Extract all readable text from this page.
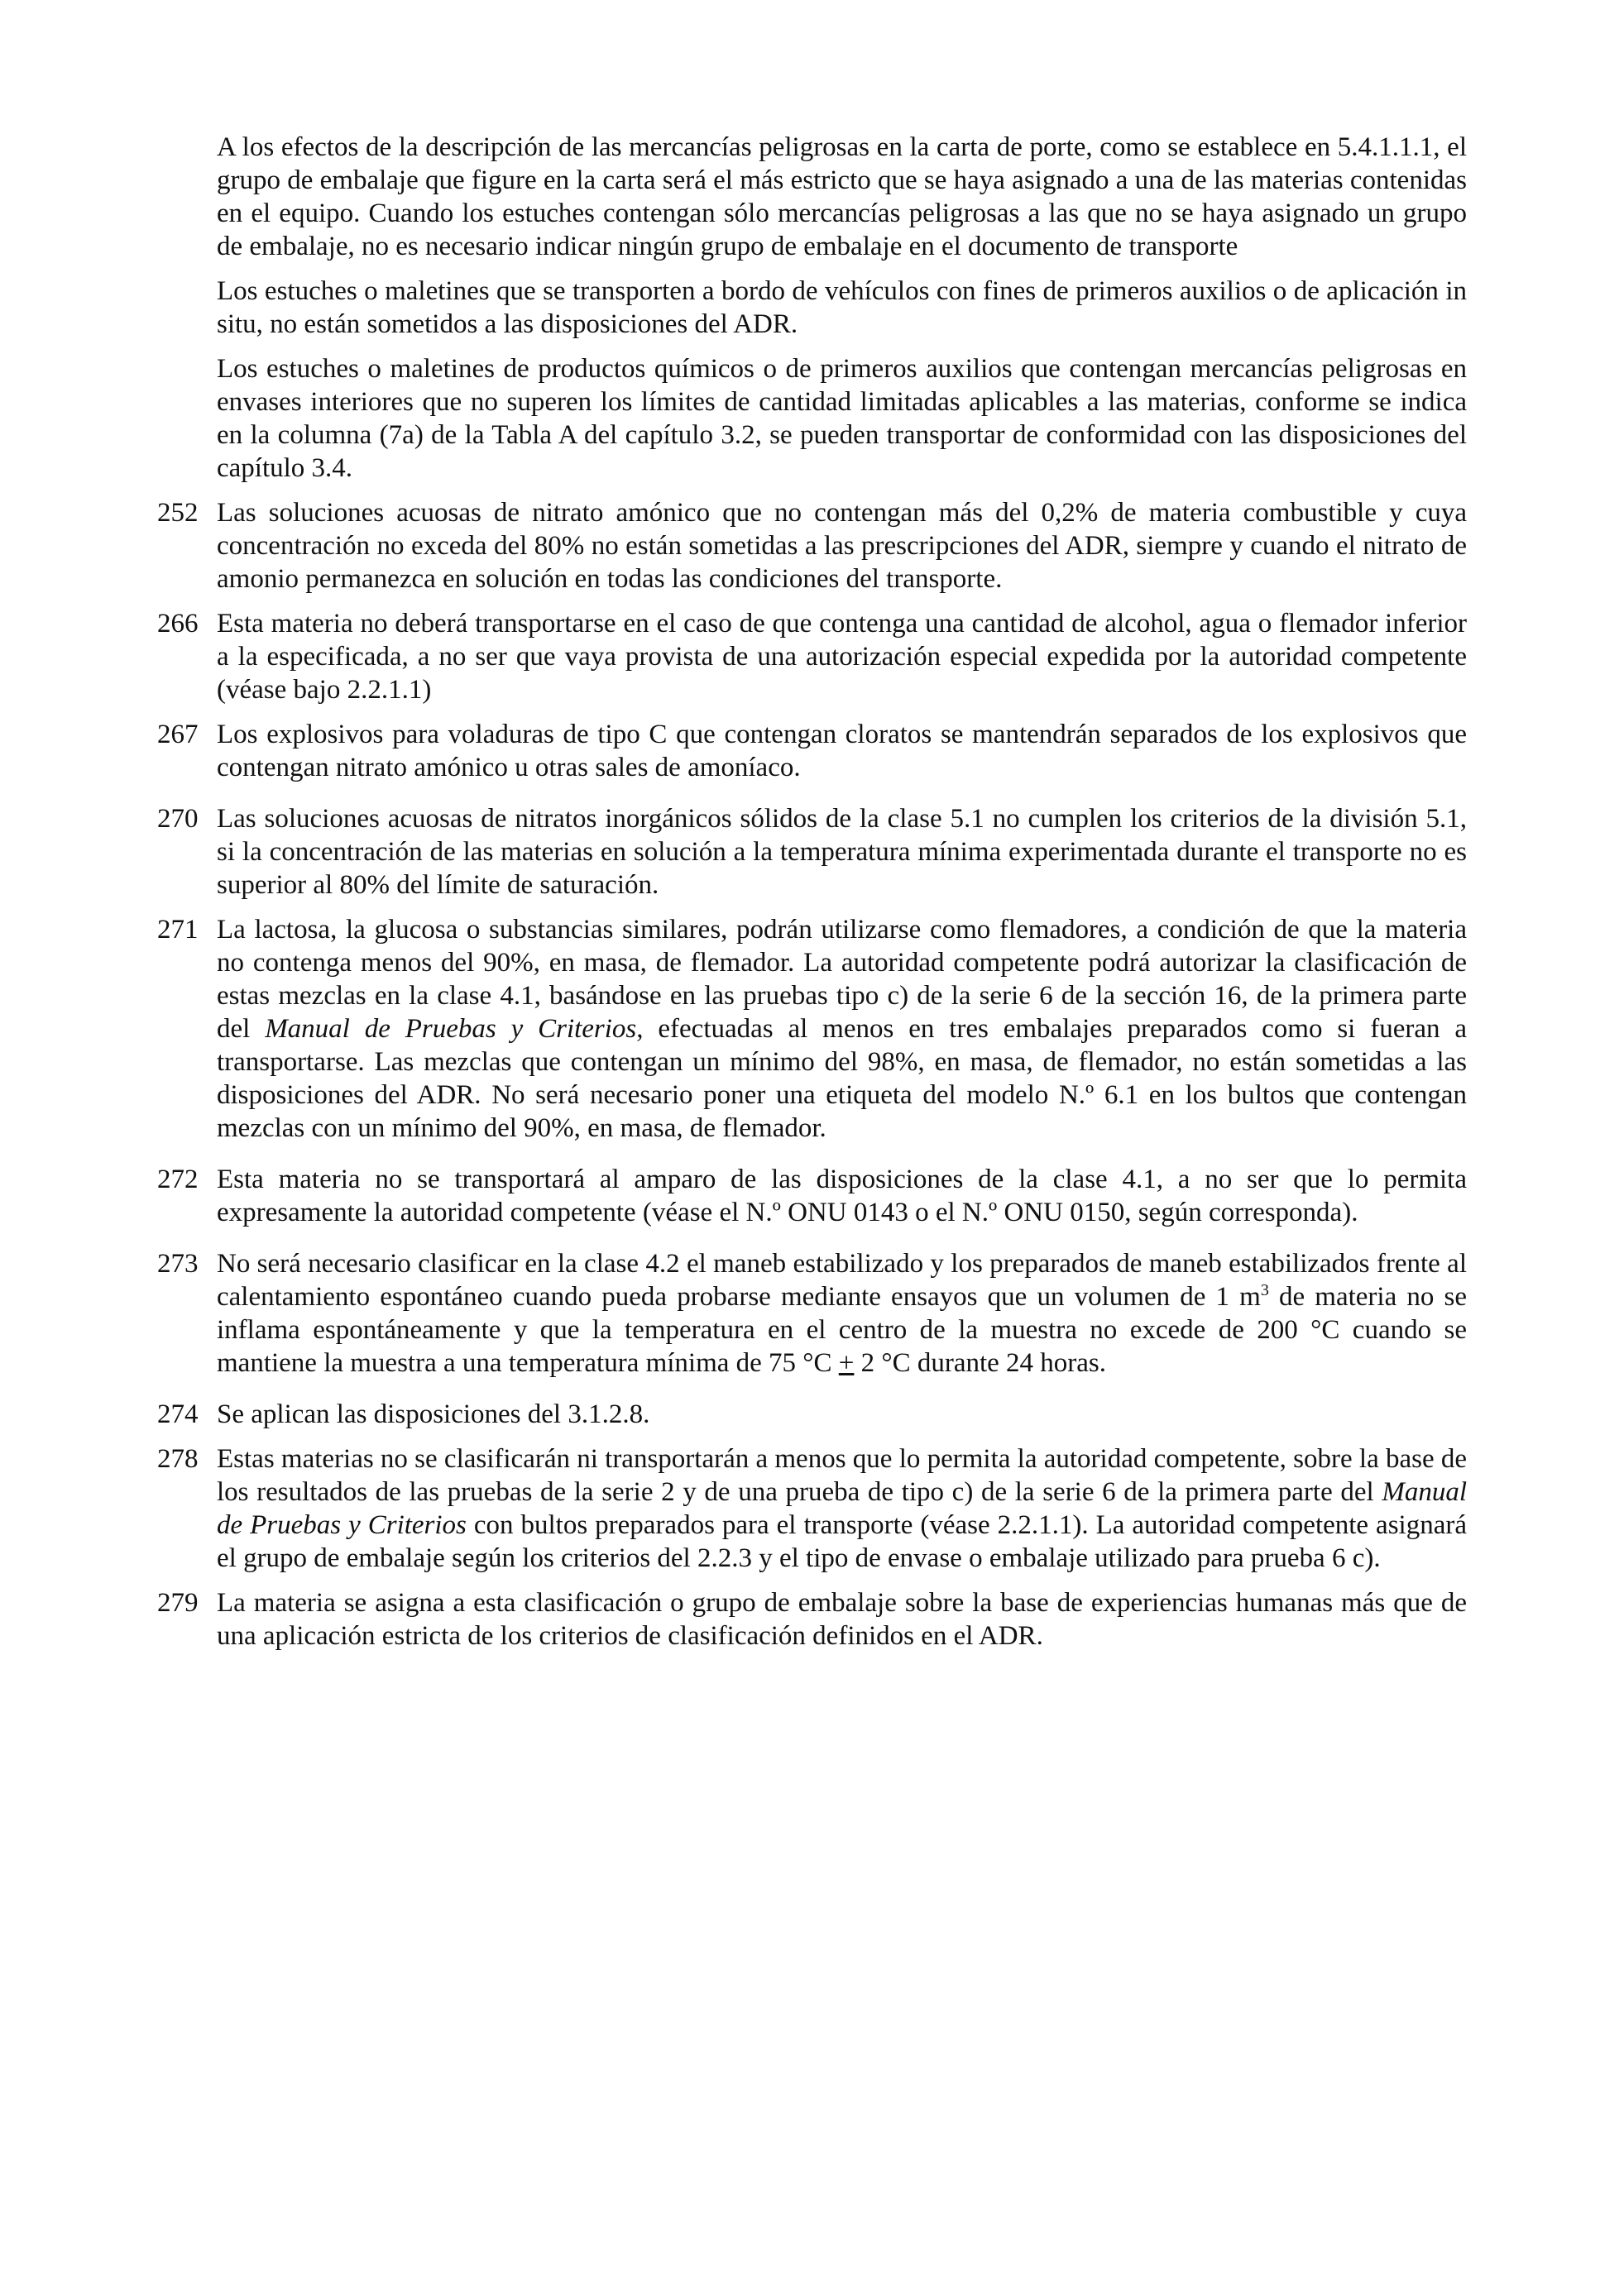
A los efectos de la descripción de las mercancías peligrosas en la carta de porte, como se establece en 5.4.1.1.1, el grupo de embalaje que figure en la carta será el más estricto que se haya asignado a una de las materias contenidas en el equipo. Cuando los estuches contengan sólo mercancías peligrosas a las que no se haya asignado un grupo de embalaje, no es necesario indicar ningún grupo de embalaje en el documento de transporte

Los estuches o maletines que se transporten a bordo de vehículos con fines de primeros auxilios o de aplicación in situ, no están sometidos a las disposiciones del ADR.

Los estuches o maletines de productos químicos o de primeros auxilios que contengan mercancías peligrosas en envases interiores que no superen los límites de cantidad limitadas aplicables a las materias, conforme se indica en la columna (7a) de la Tabla A del capítulo 3.2, se pueden transportar de conformidad con las disposiciones del capítulo 3.4.

252 Las soluciones acuosas de nitrato amónico que no contengan más del 0,2% de materia combustible y cuya concentración no exceda del 80% no están sometidas a las prescripciones del ADR, siempre y cuando el nitrato de amonio permanezca en solución en todas las condiciones del transporte.
266 Esta materia no deberá transportarse en el caso de que contenga una cantidad de alcohol, agua o flemador inferior a la especificada, a no ser que vaya provista de una autorización especial expedida por la autoridad competente (véase bajo 2.2.1.1)
267 Los explosivos para voladuras de tipo C que contengan cloratos se mantendrán separados de los explosivos que contengan nitrato amónico u otras sales de amoníaco.
270 Las soluciones acuosas de nitratos inorgánicos sólidos de la clase 5.1 no cumplen los criterios de la división 5.1, si la concentración de las materias en solución a la temperatura mínima experimentada durante el transporte no es superior al 80% del límite de saturación.
271 La lactosa, la glucosa o substancias similares, podrán utilizarse como flemadores, a condición de que la materia no contenga menos del 90%, en masa, de flemador. La autoridad competente podrá autorizar la clasificación de estas mezclas en la clase 4.1, basándose en las pruebas tipo c) de la serie 6 de la sección 16, de la primera parte del Manual de Pruebas y Criterios, efectuadas al menos en tres embalajes preparados como si fueran a transportarse. Las mezclas que contengan un mínimo del 98%, en masa, de flemador, no están sometidas a las disposiciones del ADR. No será necesario poner una etiqueta del modelo N.º 6.1 en los bultos que contengan mezclas con un mínimo del 90%, en masa, de flemador.
272 Esta materia no se transportará al amparo de las disposiciones de la clase 4.1, a no ser que lo permita expresamente la autoridad competente (véase el N.º ONU 0143 o el N.º ONU 0150, según corresponda).
273 No será necesario clasificar en la clase 4.2 el maneb estabilizado y los preparados de maneb estabilizados frente al calentamiento espontáneo cuando pueda probarse mediante ensayos que un volumen de 1 $m^3$ de materia no se inflama espontáneamente y que la temperatura en el centro de la muestra no excede de 200 °C cuando se mantiene la muestra a una temperatura mínima de 75 °C + 2 °C durante 24 horas.
274 Se aplican las disposiciones del 3.1.2.8.
278 Estas materias no se clasificarán ni transportarán a menos que lo permita la autoridad competente, sobre la base de los resultados de las pruebas de la serie 2 y de una prueba de tipo c) de la serie 6 de la primera parte del Manual de Pruebas y Criterios con bultos preparados para el transporte (véase 2.2.1.1). La autoridad competente asignará el grupo de embalaje según los criterios del 2.2.3 y el tipo de envase o embalaje utilizado para prueba 6 c).
279 La materia se asigna a esta clasificación o grupo de embalaje sobre la base de experiencias humanas más que de una aplicación estricta de los criterios de clasificación definidos en el ADR.
